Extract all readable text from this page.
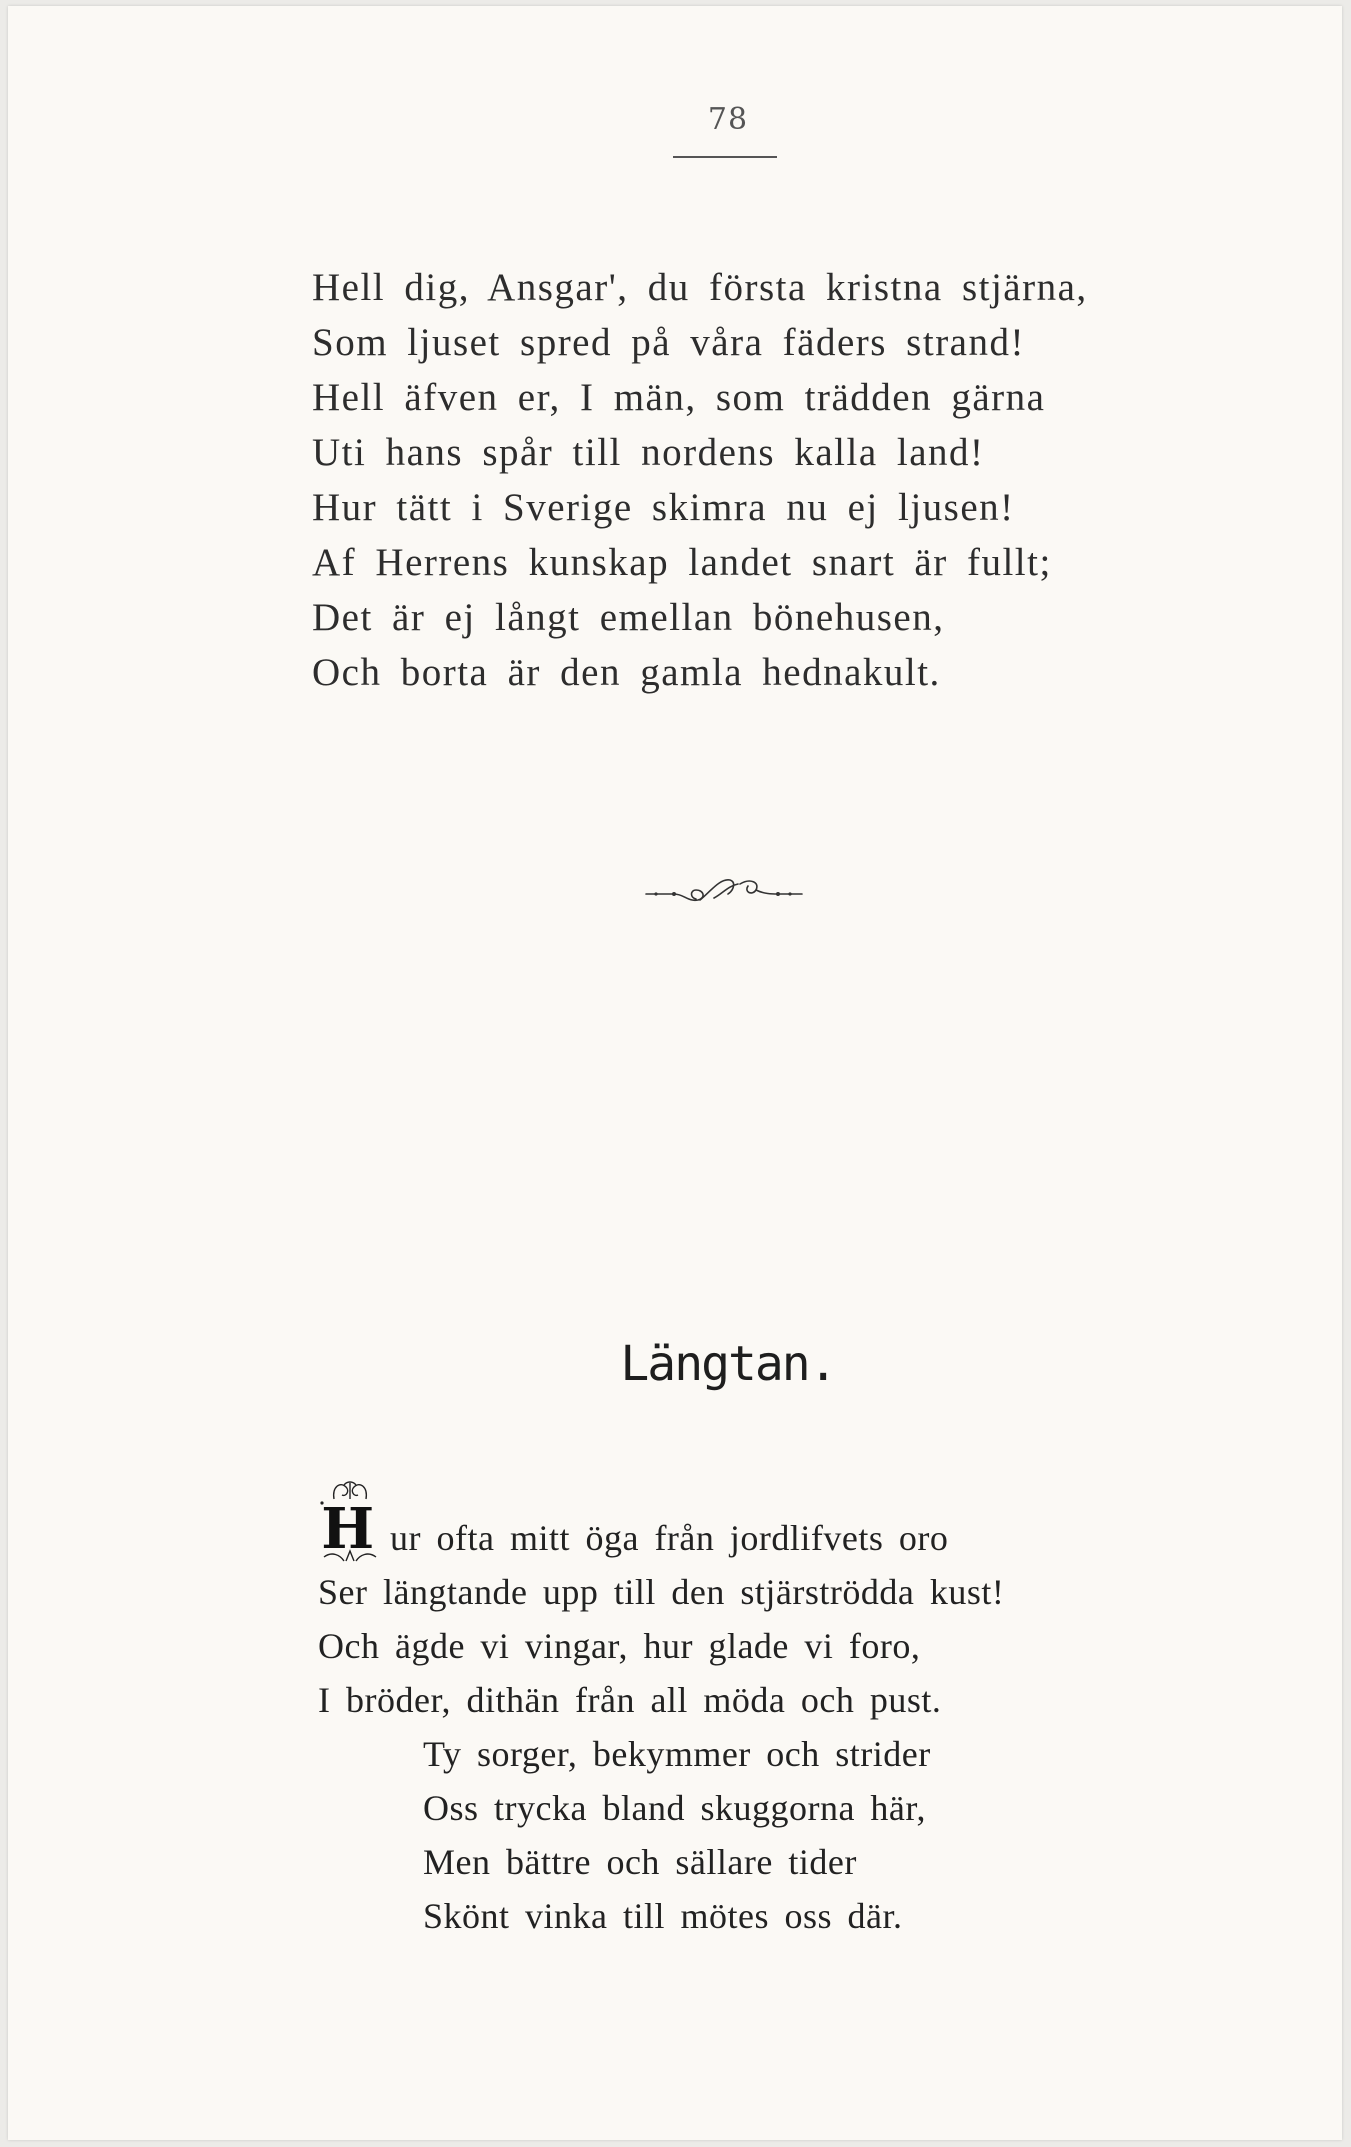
78
Hell dig, Ansgar', du första kristna stjärna,
Som ljuset spred på våra fäders strand!
Hell äfven er, I män, som trädden gärna
Uti hans spår till nordens kalla land!
Hur tätt i Sverige skimra nu ej ljusen!
Af Herrens kunskap landet snart är fullt;
Det är ej långt emellan bönehusen,
Och borta är den gamla hednakult.
Längtan.
H ur ofta mitt öga från jordlifvets oro
Ser längtande upp till den stjärströdda kust!
Och ägde vi vingar, hur glade vi foro,
I bröder, dithän från all möda och pust.
Ty sorger, bekymmer och strider
Oss trycka bland skuggorna här,
Men bättre och sällare tider
Skönt vinka till mötes oss där.
